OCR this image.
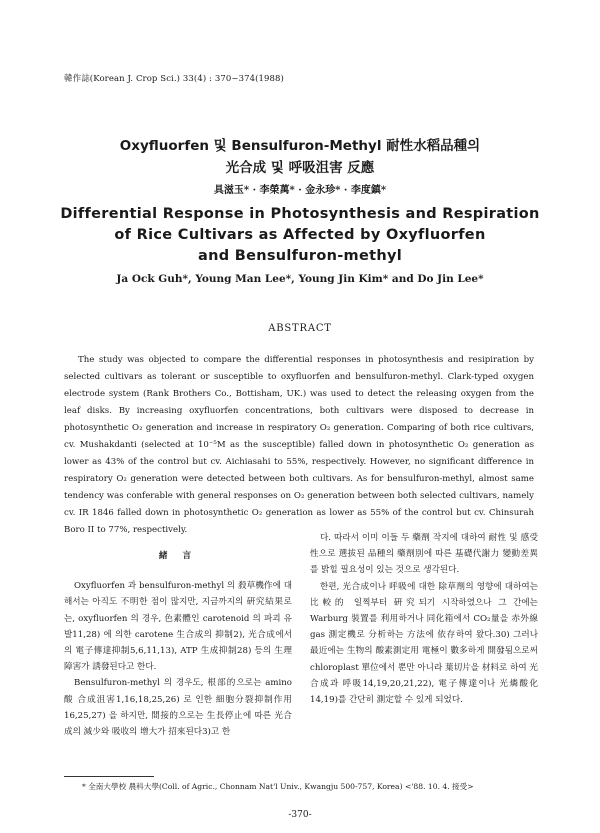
韓作誌(Korean J. Crop Sci.) 33(4) : 370~374(1988)
Oxyfluorfen 및 Bensulfuron-Methyl 耐性水稻品種의
光合成 및 呼吸沮害 反應
具滋玉* · 李榮萬* · 金永珍* · 李度鎮*
Differential Response in Photosynthesis and Respiration
of Rice Cultivars as Affected by Oxyfluorfen
and Bensulfuron-methyl
Ja Ock Guh*, Young Man Lee*, Young Jin Kim* and Do Jin Lee*
ABSTRACT

The study was objected to compare the differential responses in photosynthesis and resipiration by selected cultivars as tolerant or susceptible to oxyfluorfen and bensulfuron-methyl. Clark-typed oxygen electrode system (Rank Brothers Co., Bottisham, UK.) was used to detect the releasing oxygen from the leaf disks. By increasing oxyfluorfen concentrations, both cultivars were disposed to decrease in photosynthetic O₂ generation and increase in respiratory O₂ generation. Comparing of both rice cultivars, cv. Mushakdanti (selected at 10⁻⁵M as the susceptible) falled down in photosynthetic O₂ generation as lower as 43% of the control but cv. Aichiasahi to 55%, respectively. However, no significant difference in respiratory O₂ generation were detected between both cultivars. As for bensulfuron-methyl, almost same tendency was conferable with general responses on O₂ generation between both selected cultivars, namely cv. IR 1846 falled down in photosynthetic O₂ generation as lower as 55% of the control but cv. Chinsurah Boro II to 77%, respectively.

緒 言

Oxyfluorfen 과 bensulfuron-methyl 의 殺草機作에 대해서는 아직도 不明한 점이 많지만, 지금까지의 硏究結果로는, oxyfluorfen 의 경우, 色素體인 carotenoid 의 파괴 유발11,28) 에 의한 carotene 生合成의 抑制2), 光合成에서의 電子傳達抑制5,6,11,13), ATP 生成抑制28) 등의 生理障害가 誘發된다고 한다.

Bensulfuron-methyl 의 경우도, 根部的으로는 amino 酸 合成沮害1,16,18,25,26) 로 인한 細胞分裂抑制作用16,25,27) 을 하지만, 間接的으로는 生長停止에 따른 光合成의 減少와 吸收의 增大가 招來된다3)고 한

다. 따라서 이미 이들 두 藥劑 작지에 대하여 耐性 및 感受性으로 選拔된 品種의 藥劑別에 따른 基礎代謝力 變動差異를 밝힐 필요성이 있는 것으로 생각된다.

한편, 光合成이나 呼吸에 대한 除草劑의 영향에 대하여는 比較的 일찍부터 硏究되기 시작하였으나 그 간에는 Warburg 裝置를 利用하거나 同化箱에서 CO₂量을 赤外線 gas 測定機로 分析하는 方法에 依存하여 왔다.30) 그러나 最近에는 生物의 酸素測定用 電極이 數多하게 開發됨으로써 chloroplast 單位에서 뿐만 아니라 葉切片을 材料로 하여 光合成과 呼吸14,19,20,21,22), 電子傳達이나 光燐酸化14,19)를 간단히 測定할 수 있게 되었다.

* 全南大學校 農科大學(Coll. of Agric., Chonnam Nat'l Univ., Kwangju 500-757, Korea) <'88. 10. 4. 接受>
-370-
